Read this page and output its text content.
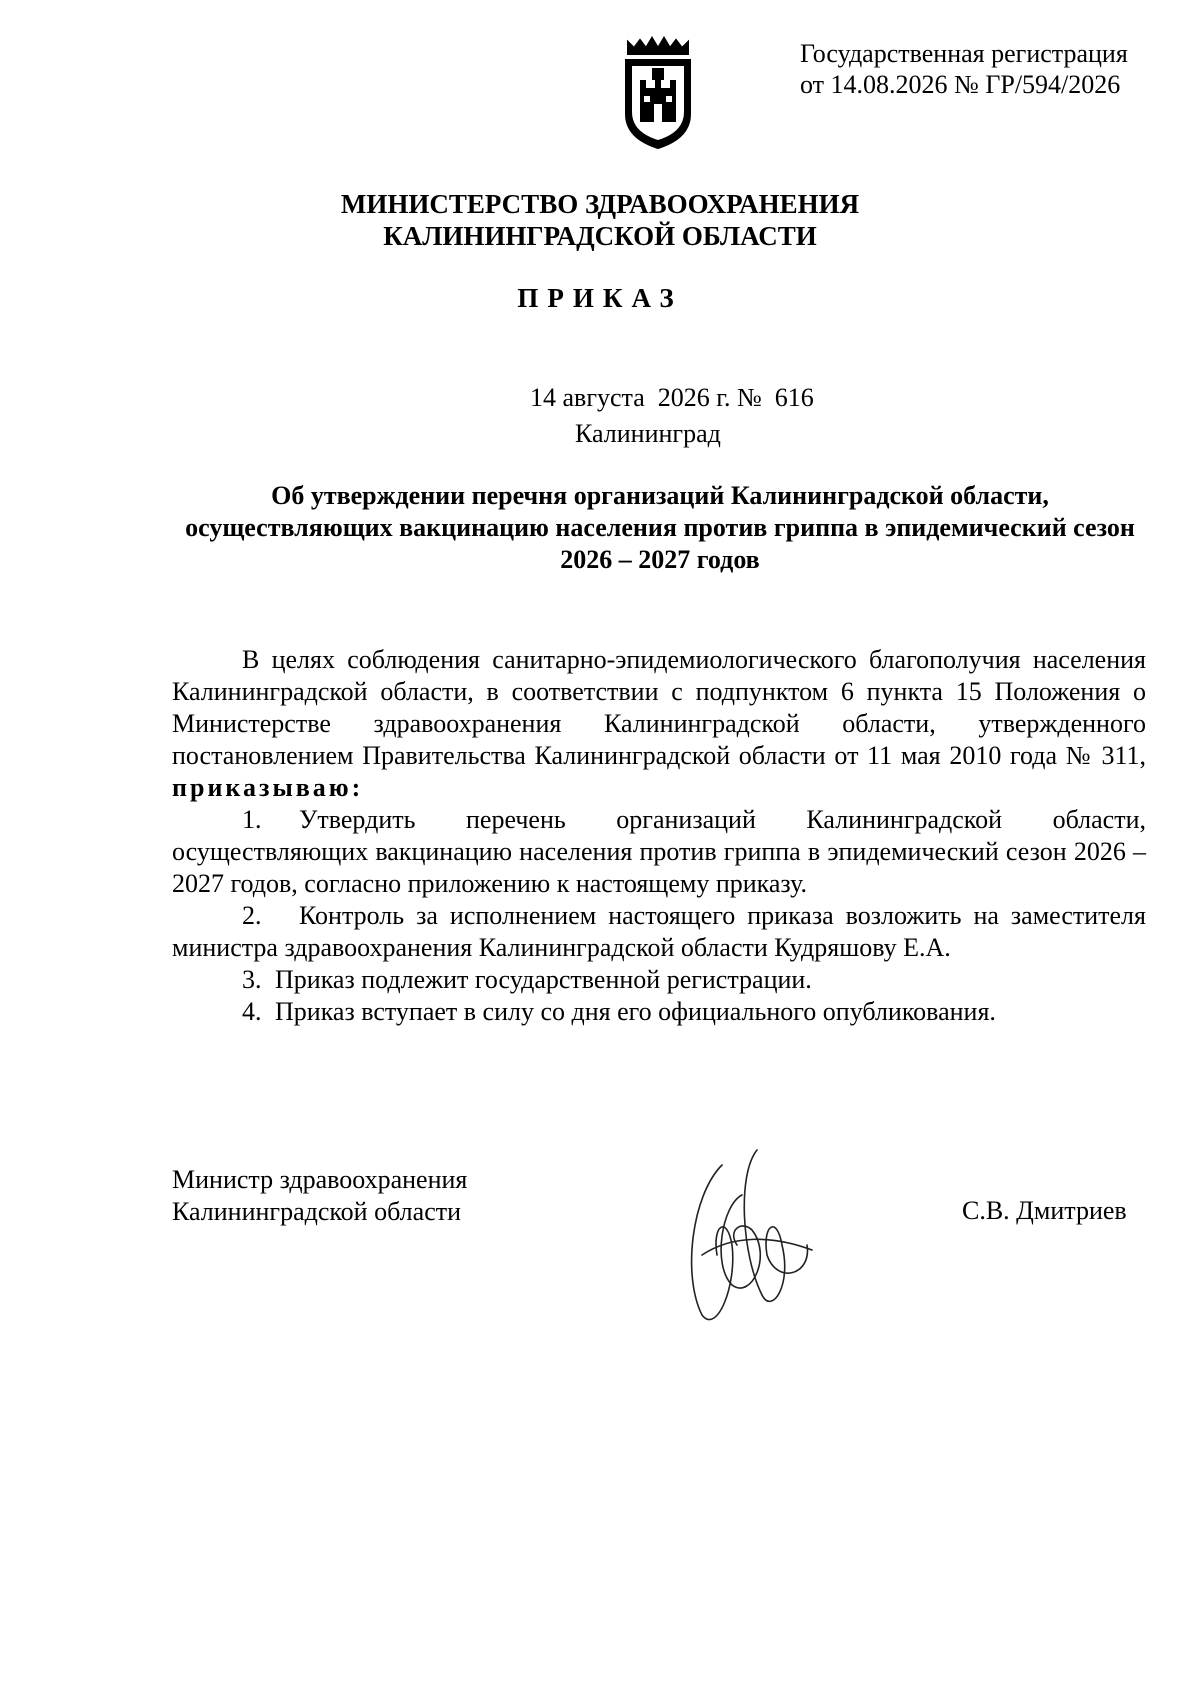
Государственная регистрация
от 14.08.2026 № ГР/594/2026
МИНИСТЕРСТВО ЗДРАВООХРАНЕНИЯ
КАЛИНИНГРАДСКОЙ ОБЛАСТИ
ПРИКАЗ
14 августа  2026 г. №  616
Калининград
Об утверждении перечня организаций Калининградской области, осуществляющих вакцинацию населения против гриппа в эпидемический сезон 2026 – 2027 годов

В целях соблюдения санитарно-эпидемиологического благополучия населения Калининградской области, в соответствии с подпунктом 6 пункта 15 Положения о Министерстве здравоохранения Калининградской области, утвержденного постановлением Правительства Калининградской области от 11 мая 2010 года № 311, приказываю:

1. Утвердить перечень организаций Калининградской области, осуществляющих вакцинацию населения против гриппа в эпидемический сезон 2026 – 2027 годов, согласно приложению к настоящему приказу.

2. Контроль за исполнением настоящего приказа возложить на заместителя министра здравоохранения Калининградской области Кудряшову Е.А.

3. Приказ подлежит государственной регистрации.

4. Приказ вступает в силу со дня его официального опубликования.

Министр здравоохранения
Калининградской области	С.В. Дмитриев
